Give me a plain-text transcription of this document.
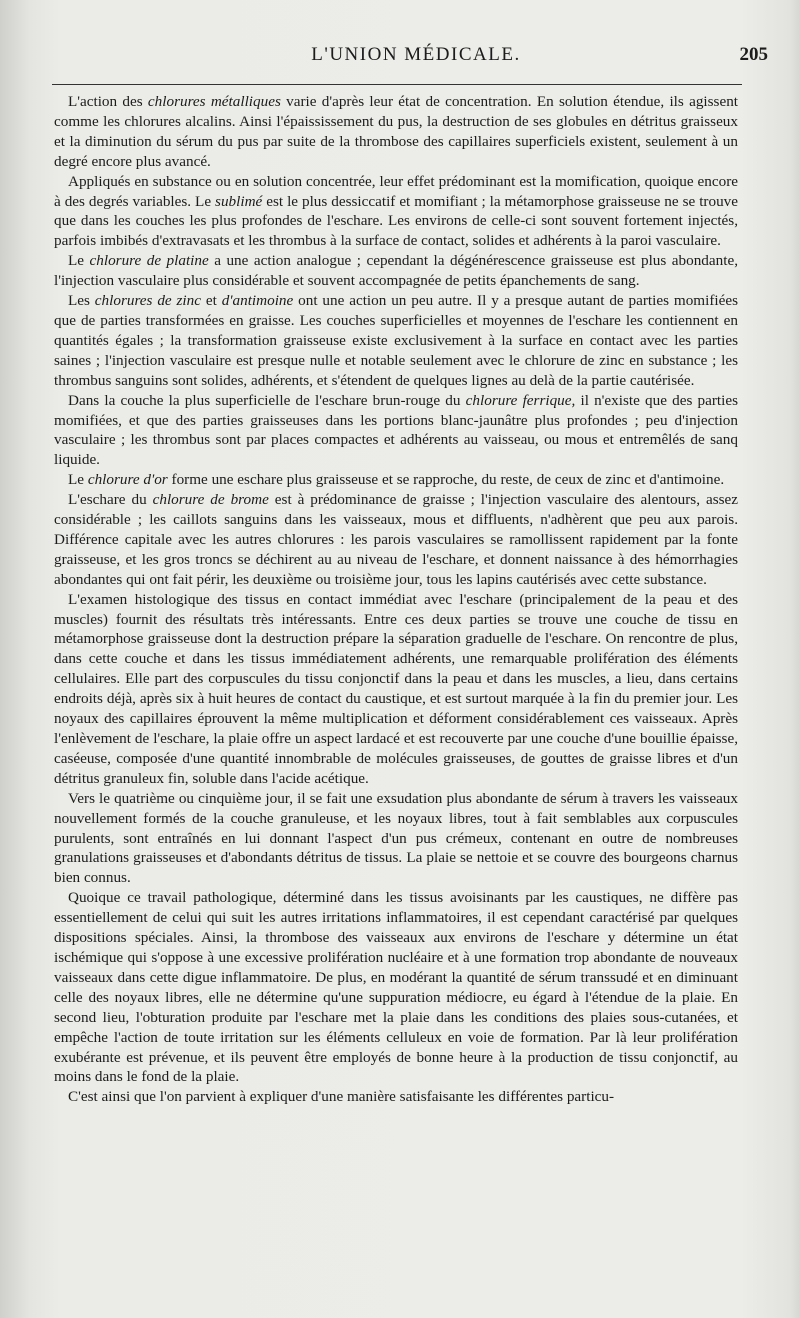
L'UNION MÉDICALE.	205

L'action des chlorures métalliques varie d'après leur état de concentration. En solution étendue, ils agissent comme les chlorures alcalins. Ainsi l'épaississement du pus, la destruction de ses globules en détritus graisseux et la diminution du sérum du pus par suite de la thrombose des capillaires superficiels existent, seulement à un degré encore plus avancé.

Appliqués en substance ou en solution concentrée, leur effet prédominant est la momification, quoique encore à des degrés variables. Le sublimé est le plus dessiccatif et momifiant ; la métamorphose graisseuse ne se trouve que dans les couches les plus profondes de l'eschare. Les environs de celle-ci sont souvent fortement injectés, parfois imbibés d'extravasats et les thrombus à la surface de contact, solides et adhérents à la paroi vasculaire.

Le chlorure de platine a une action analogue ; cependant la dégénérescence graisseuse est plus abondante, l'injection vasculaire plus considérable et souvent accompagnée de petits épanchements de sang.

Les chlorures de zinc et d'antimoine ont une action un peu autre. Il y a presque autant de parties momifiées que de parties transformées en graisse. Les couches superficielles et moyennes de l'eschare les contiennent en quantités égales ; la transformation graisseuse existe exclusivement à la surface en contact avec les parties saines ; l'injection vasculaire est presque nulle et notable seulement avec le chlorure de zinc en substance ; les thrombus sanguins sont solides, adhérents, et s'étendent de quelques lignes au delà de la partie cautérisée.

Dans la couche la plus superficielle de l'eschare brun-rouge du chlorure ferrique, il n'existe que des parties momifiées, et que des parties graisseuses dans les portions blanc-jaunâtre plus profondes ; peu d'injection vasculaire ; les thrombus sont par places compactes et adhérents au vaisseau, ou mous et entremêlés de sanq liquide.

Le chlorure d'or forme une eschare plus graisseuse et se rapproche, du reste, de ceux de zinc et d'antimoine.

L'eschare du chlorure de brome est à prédominance de graisse ; l'injection vasculaire des alentours, assez considérable ; les caillots sanguins dans les vaisseaux, mous et diffluents, n'adhèrent que peu aux parois. Différence capitale avec les autres chlorures : les parois vasculaires se ramollissent rapidement par la fonte graisseuse, et les gros troncs se déchirent au au niveau de l'eschare, et donnent naissance à des hémorrhagies abondantes qui ont fait périr, les deuxième ou troisième jour, tous les lapins cautérisés avec cette substance.

L'examen histologique des tissus en contact immédiat avec l'eschare (principalement de la peau et des muscles) fournit des résultats très intéressants. Entre ces deux parties se trouve une couche de tissu en métamorphose graisseuse dont la destruction prépare la séparation graduelle de l'eschare. On rencontre de plus, dans cette couche et dans les tissus immédiatement adhérents, une remarquable prolifération des éléments cellulaires. Elle part des corpuscules du tissu conjonctif dans la peau et dans les muscles, a lieu, dans certains endroits déjà, après six à huit heures de contact du caustique, et est surtout marquée à la fin du premier jour. Les noyaux des capillaires éprouvent la même multiplication et déforment considérablement ces vaisseaux. Après l'enlèvement de l'eschare, la plaie offre un aspect lardacé et est recouverte par une couche d'une bouillie épaisse, caséeuse, composée d'une quantité innombrable de molécules graisseuses, de gouttes de graisse libres et d'un détritus granuleux fin, soluble dans l'acide acétique.

Vers le quatrième ou cinquième jour, il se fait une exsudation plus abondante de sérum à travers les vaisseaux nouvellement formés de la couche granuleuse, et les noyaux libres, tout à fait semblables aux corpuscules purulents, sont entraînés en lui donnant l'aspect d'un pus crémeux, contenant en outre de nombreuses granulations graisseuses et d'abondants détritus de tissus. La plaie se nettoie et se couvre des bourgeons charnus bien connus.

Quoique ce travail pathologique, déterminé dans les tissus avoisinants par les caustiques, ne diffère pas essentiellement de celui qui suit les autres irritations inflammatoires, il est cependant caractérisé par quelques dispositions spéciales. Ainsi, la thrombose des vaisseaux aux environs de l'eschare y détermine un état ischémique qui s'oppose à une excessive prolifération nucléaire et à une formation trop abondante de nouveaux vaisseaux dans cette digue inflammatoire. De plus, en modérant la quantité de sérum transsudé et en diminuant celle des noyaux libres, elle ne détermine qu'une suppuration médiocre, eu égard à l'étendue de la plaie. En second lieu, l'obturation produite par l'eschare met la plaie dans les conditions des plaies sous-cutanées, et empêche l'action de toute irritation sur les éléments celluleux en voie de formation. Par là leur prolifération exubérante est prévenue, et ils peuvent être employés de bonne heure à la production de tissu conjonctif, au moins dans le fond de la plaie.

C'est ainsi que l'on parvient à expliquer d'une manière satisfaisante les différentes particu-
